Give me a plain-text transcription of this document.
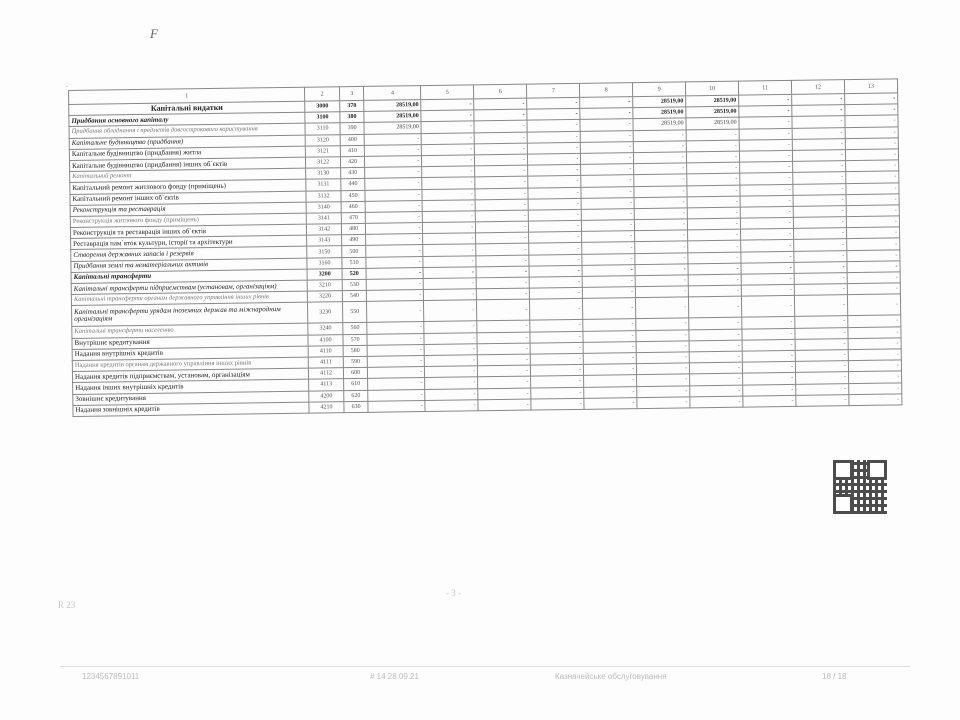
F
.
1	2	3	4	5	6	7	8	9	10	11	12	13
Капітальні видатки	3000	370	28519,00	-	-	-	-	28519,00	28519,00	-	-	-
Придбання основного капіталу	3100	380	28519,00	-	-	-	-	28519,00	28519,00	-	-	-
Придбання обладнання і предметів довгострокового користування	3110	390	28519,00	-	-	-	-	28519,00	28519,00	-	-	-
Капітальне будівництво (придбання)	3120	400	-	-	-	-	-	-	-	-	-	-
Капітальне будівництво (придбання) житла	3121	410	-	-	-	-	-	-	-	-	-	-
Капітальне будівництво (придбання) інших об`єктів	3122	420	-	-	-	-	-	-	-	-	-	-
Капітальний ремонт	3130	430	-	-	-	-	-	-	-	-	-	-
Капітальний ремонт житлового фонду (приміщень)	3131	440	-	-	-	-	-	-	-	-	-	-
Капітальний ремонт інших об`єктів	3132	450	-	-	-	-	-	-	-	-	-	-
Реконструкція та реставрація	3140	460	-	-	-	-	-	-	-	-	-	-
Реконструкція житлового фонду (приміщень)	3141	470	-	-	-	-	-	-	-	-	-	-
Реконструкція та реставрація інших об`єктів	3142	480	-	-	-	-	-	-	-	-	-	-
Реставрація пам`яток культури, історії та архітектури	3143	490	-	-	-	-	-	-	-	-	-	-
Створення державних запасів і резервів	3150	500	-	-	-	-	-	-	-	-	-	-
Придбання землі та нематеріальних активів	3160	510	-	-	-	-	-	-	-	-	-	-
Капітальні трансферти	3200	520	-	-	-	-	-	-	-	-	-	-
Капітальні трансферти підприємствам (установам, організаціям)	3210	530	-	-	-	-	-	-	-	-	-	-
Капітальні трансферти органам державного управління інших рівнів	3220	540	-	-	-	-	-	-	-	-	-	-
Капітальні трансферти урядам іноземних держав та міжнародним організаціям	3230	550	-	-	-	-	-	-	-	-	-	-
Капітальні трансферти населенню	3240	560	-	-	-	-	-	-	-	-	-	-
Внутрішнє кредитування	4100	570	-	-	-	-	-	-	-	-	-	-
Надання внутрішніх кредитів	4110	580	-	-	-	-	-	-	-	-	-	-
Надання кредитів органам державного управління інших рівнів	4111	590	-	-	-	-	-	-	-	-	-	-
Надання кредитів підприємствам, установам, організаціям	4112	600	-	-	-	-	-	-	-	-	-	-
Надання інших внутрішніх кредитів	4113	610	-	-	-	-	-	-	-	-	-	-
Зовнішнє кредитування	4200	620	-	-	-	-	-	-	-	-	-	-
Надання зовнішніх кредитів	4210	630	-	-	-	-	-	-	-	-	-	-
R 23
- 3 -
1234567891011	# 14 28.09.21	Казначейське обслуговування	18 / 18
